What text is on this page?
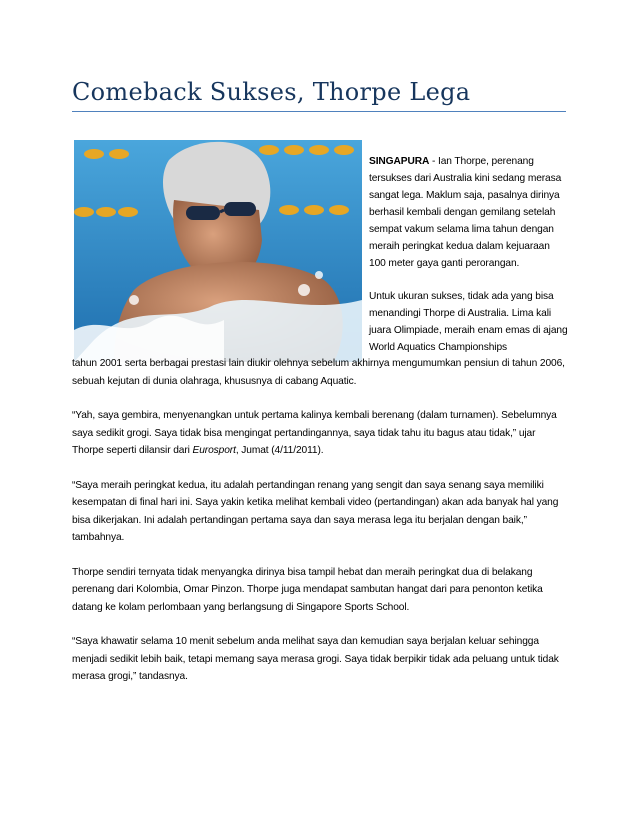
Comeback Sukses, Thorpe Lega

SINGAPURA - Ian Thorpe, perenang tersukses dari Australia kini sedang merasa sangat lega. Maklum saja, pasalnya dirinya berhasil kembali dengan gemilang setelah sempat vakum selama lima tahun dengan meraih peringkat kedua dalam kejuaraan 100 meter gaya ganti perorangan.

Untuk ukuran sukses, tidak ada yang bisa menandingi Thorpe di Australia. Lima kali juara Olimpiade, meraih enam emas di ajang World Aquatics Championships

tahun 2001 serta berbagai prestasi lain diukir olehnya sebelum akhirnya mengumumkan pensiun di tahun 2006, sebuah kejutan di dunia olahraga, khususnya di cabang Aquatic.

“Yah, saya gembira, menyenangkan untuk pertama kalinya kembali berenang (dalam turnamen). Sebelumnya saya sedikit grogi. Saya tidak bisa mengingat pertandingannya, saya tidak tahu itu bagus atau tidak,” ujar Thorpe seperti dilansir dari Eurosport, Jumat (4/11/2011).

“Saya meraih peringkat kedua, itu adalah pertandingan renang yang sengit dan saya senang saya memiliki kesempatan di final hari ini. Saya yakin ketika melihat kembali video (pertandingan) akan ada banyak hal yang bisa dikerjakan. Ini adalah pertandingan pertama saya dan saya merasa lega itu berjalan dengan baik,” tambahnya.

Thorpe sendiri ternyata tidak menyangka dirinya bisa tampil hebat dan meraih peringkat dua di belakang perenang dari Kolombia, Omar Pinzon. Thorpe juga mendapat sambutan hangat dari para penonton ketika datang ke kolam perlombaan yang berlangsung di Singapore Sports School.

“Saya khawatir selama 10 menit sebelum anda melihat saya dan kemudian saya berjalan keluar sehingga menjadi sedikit lebih baik, tetapi memang saya merasa grogi. Saya tidak berpikir tidak ada peluang untuk tidak merasa grogi,” tandasnya.
